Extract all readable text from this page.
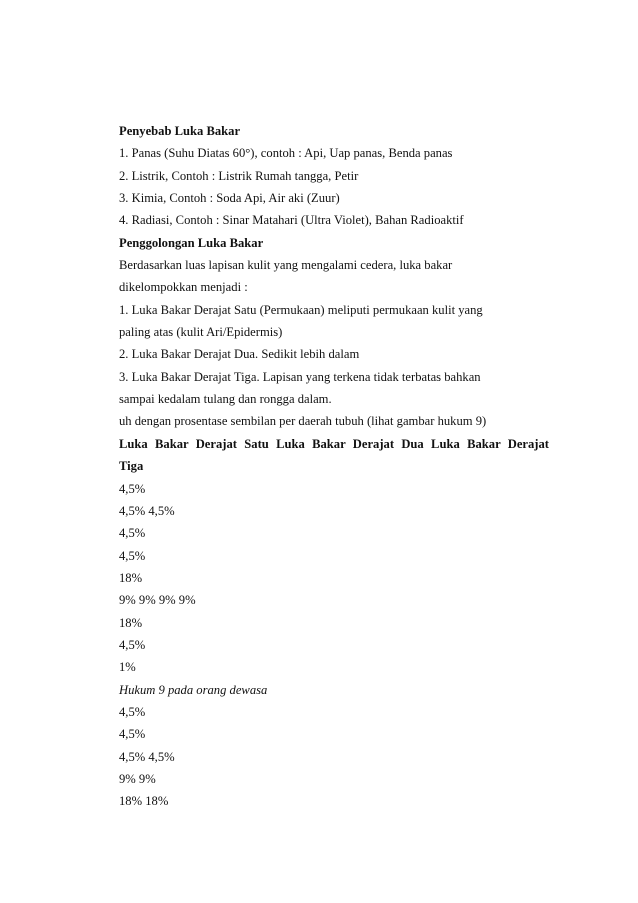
Penyebab Luka Bakar
1. Panas (Suhu Diatas 60°), contoh : Api, Uap panas, Benda panas
2. Listrik, Contoh : Listrik Rumah tangga, Petir
3. Kimia, Contoh : Soda Api, Air aki (Zuur)
4. Radiasi, Contoh : Sinar Matahari (Ultra Violet), Bahan Radioaktif
Penggolongan Luka Bakar
Berdasarkan luas lapisan kulit yang mengalami cedera, luka bakar
dikelompokkan menjadi :
1. Luka Bakar Derajat Satu (Permukaan) meliputi permukaan kulit yang
paling atas (kulit Ari/Epidermis)
2. Luka Bakar Derajat Dua. Sedikit lebih dalam
3. Luka Bakar Derajat Tiga. Lapisan yang terkena tidak terbatas bahkan
sampai kedalam tulang dan rongga dalam.
uh dengan prosentase sembilan per daerah tubuh (lihat gambar hukum 9)
Luka Bakar Derajat Satu Luka Bakar Derajat Dua Luka Bakar Derajat
Tiga
4,5%
4,5% 4,5%
4,5%
4,5%
18%
9% 9% 9% 9%
18%
4,5%
1%
Hukum 9 pada orang dewasa
4,5%
4,5%
4,5% 4,5%
9% 9%
18% 18%
